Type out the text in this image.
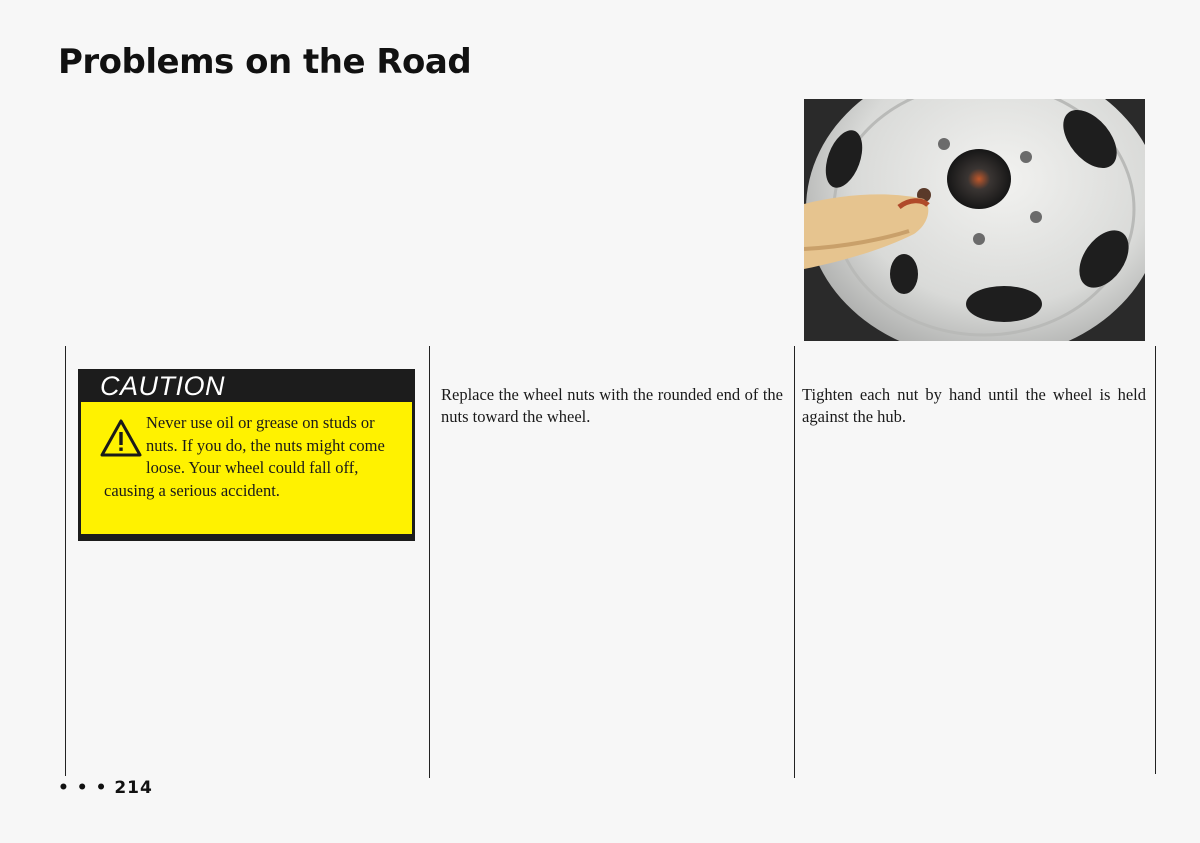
Problems on the Road
CAUTION
Never use oil or grease on studs or nuts. If you do, the nuts might come loose. Your wheel could fall off, causing a serious accident.
Replace the wheel nuts with the rounded end of the nuts toward the wheel.
Tighten each nut by hand until the wheel is held against the hub.
• • • 214
